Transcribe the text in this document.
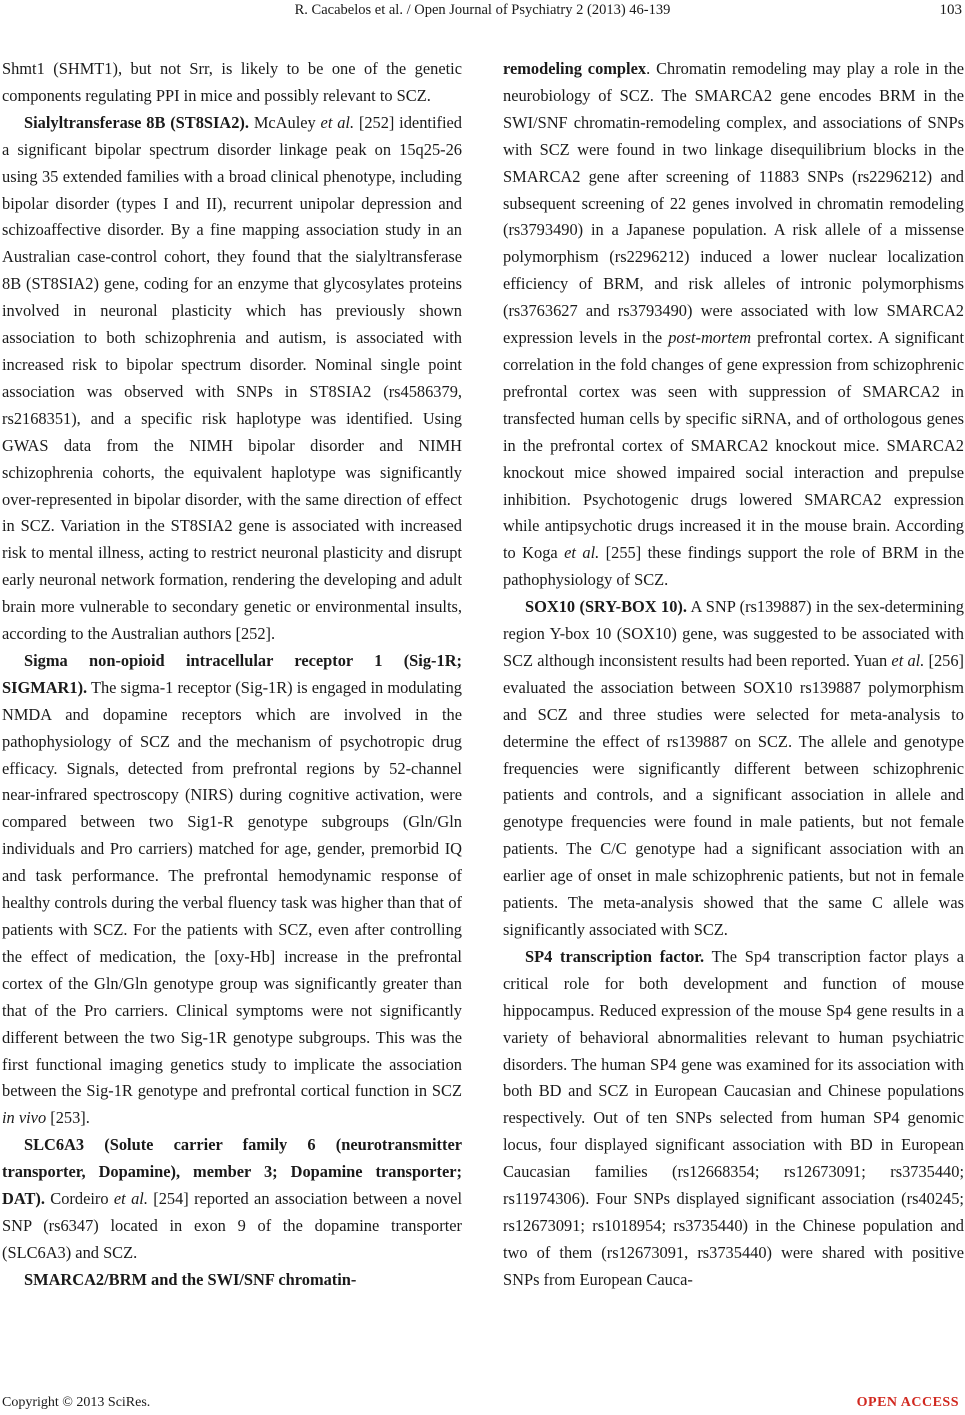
R. Cacabelos et al. / Open Journal of Psychiatry 2 (2013) 46-139	103

Shmt1 (SHMT1), but not Srr, is likely to be one of the genetic components regulating PPI in mice and possibly relevant to SCZ.

Sialyltransferase 8B (ST8SIA2). McAuley et al. [252] identified a significant bipolar spectrum disorder linkage peak on 15q25-26 using 35 extended families with a broad clinical phenotype, including bipolar disorder (types I and II), recurrent unipolar depression and schizoaffective disorder. By a fine mapping association study in an Australian case-control cohort, they found that the sialyltransferase 8B (ST8SIA2) gene, coding for an enzyme that glycosylates proteins involved in neuronal plasticity which has previously shown association to both schizophrenia and autism, is associated with increased risk to bipolar spectrum disorder. Nominal single point association was observed with SNPs in ST8SIA2 (rs4586379, rs2168351), and a specific risk haplotype was identified. Using GWAS data from the NIMH bipolar disorder and NIMH schizophrenia cohorts, the equivalent haplotype was significantly over-represented in bipolar disorder, with the same direction of effect in SCZ. Variation in the ST8SIA2 gene is associated with increased risk to mental illness, acting to restrict neuronal plasticity and disrupt early neuronal network formation, rendering the developing and adult brain more vulnerable to secondary genetic or environmental insults, according to the Australian authors [252].

Sigma non-opioid intracellular receptor 1 (Sig-1R; SIGMAR1). The sigma-1 receptor (Sig-1R) is engaged in modulating NMDA and dopamine receptors which are involved in the pathophysiology of SCZ and the mechanism of psychotropic drug efficacy. Signals, detected from prefrontal regions by 52-channel near-infrared spectroscopy (NIRS) during cognitive activation, were compared between two Sig1-R genotype subgroups (Gln/Gln individuals and Pro carriers) matched for age, gender, premorbid IQ and task performance. The prefrontal hemodynamic response of healthy controls during the verbal fluency task was higher than that of patients with SCZ. For the patients with SCZ, even after controlling the effect of medication, the [oxy-Hb] increase in the prefrontal cortex of the Gln/Gln genotype group was significantly greater than that of the Pro carriers. Clinical symptoms were not significantly different between the two Sig-1R genotype subgroups. This was the first functional imaging genetics study to implicate the association between the Sig-1R genotype and prefrontal cortical function in SCZ in vivo [253].

SLC6A3 (Solute carrier family 6 (neurotransmitter transporter, Dopamine), member 3; Dopamine transporter; DAT). Cordeiro et al. [254] reported an association between a novel SNP (rs6347) located in exon 9 of the dopamine transporter (SLC6A3) and SCZ.

SMARCA2/BRM and the SWI/SNF chromatin-

remodeling complex. Chromatin remodeling may play a role in the neurobiology of SCZ. The SMARCA2 gene encodes BRM in the SWI/SNF chromatin-remodeling complex, and associations of SNPs with SCZ were found in two linkage disequilibrium blocks in the SMARCA2 gene after screening of 11883 SNPs (rs2296212) and subsequent screening of 22 genes involved in chromatin remodeling (rs3793490) in a Japanese population. A risk allele of a missense polymorphism (rs2296212) induced a lower nuclear localization efficiency of BRM, and risk alleles of intronic polymorphisms (rs3763627 and rs3793490) were associated with low SMARCA2 expression levels in the post-mortem prefrontal cortex. A significant correlation in the fold changes of gene expression from schizophrenic prefrontal cortex was seen with suppression of SMARCA2 in transfected human cells by specific siRNA, and of orthologous genes in the prefrontal cortex of SMARCA2 knockout mice. SMARCA2 knockout mice showed impaired social interaction and prepulse inhibition. Psychotogenic drugs lowered SMARCA2 expression while antipsychotic drugs increased it in the mouse brain. According to Koga et al. [255] these findings support the role of BRM in the pathophysiology of SCZ.

SOX10 (SRY-BOX 10). A SNP (rs139887) in the sex-determining region Y-box 10 (SOX10) gene, was suggested to be associated with SCZ although inconsistent results had been reported. Yuan et al. [256] evaluated the association between SOX10 rs139887 polymorphism and SCZ and three studies were selected for meta-analysis to determine the effect of rs139887 on SCZ. The allele and genotype frequencies were significantly different between schizophrenic patients and controls, and a significant association in allele and genotype frequencies were found in male patients, but not female patients. The C/C genotype had a significant association with an earlier age of onset in male schizophrenic patients, but not in female patients. The meta-analysis showed that the same C allele was significantly associated with SCZ.

SP4 transcription factor. The Sp4 transcription factor plays a critical role for both development and function of mouse hippocampus. Reduced expression of the mouse Sp4 gene results in a variety of behavioral abnormalities relevant to human psychiatric disorders. The human SP4 gene was examined for its association with both BD and SCZ in European Caucasian and Chinese populations respectively. Out of ten SNPs selected from human SP4 genomic locus, four displayed significant association with BD in European Caucasian families (rs12668354; rs12673091; rs3735440; rs11974306). Four SNPs displayed significant association (rs40245; rs12673091; rs1018954; rs3735440) in the Chinese population and two of them (rs12673091, rs3735440) were shared with positive SNPs from European Cauca-

Copyright © 2013 SciRes.	OPEN ACCESS
